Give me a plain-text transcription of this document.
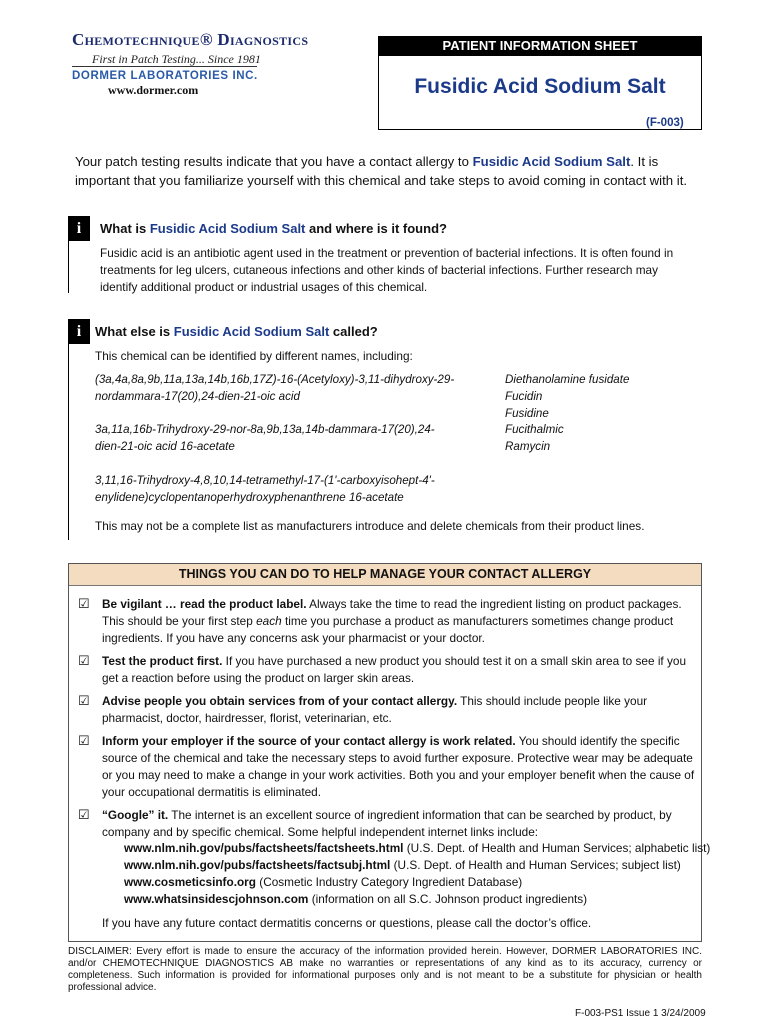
Chemotechnique® Diagnostics
First in Patch Testing... Since 1981
DORMER LABORATORIES INC.
www.dormer.com
PATIENT INFORMATION SHEET
Fusidic Acid Sodium Salt
(F-003)
Your patch testing results indicate that you have a contact allergy to Fusidic Acid Sodium Salt. It is important that you familiarize yourself with this chemical and take steps to avoid coming in contact with it.
i	What is Fusidic Acid Sodium Salt and where is it found?
Fusidic acid is an antibiotic agent used in the treatment or prevention of bacterial infections. It is often found in treatments for leg ulcers, cutaneous infections and other kinds of bacterial infections. Further research may identify additional product or industrial usages of this chemical.
i	What else is Fusidic Acid Sodium Salt called?
This chemical can be identified by different names, including:
(3a,4a,8a,9b,11a,13a,14b,16b,17Z)-16-(Acetyloxy)-3,11-dihydroxy-29-nordammara-17(20),24-dien-21-oic acid
3a,11a,16b-Trihydroxy-29-nor-8a,9b,13a,14b-dammara-17(20),24-dien-21-oic acid 16-acetate
3,11,16-Trihydroxy-4,8,10,14-tetramethyl-17-(1'-carboxyisohept-4'-enylidene)cyclopentanoperhydroxyphenanthrene 16-acetate
Diethanolamine fusidate
Fucidin
Fusidine
Fucithalmic
Ramycin
This may not be a complete list as manufacturers introduce and delete chemicals from their product lines.
THINGS YOU CAN DO TO HELP MANAGE YOUR CONTACT ALLERGY
☑ Be vigilant … read the product label. Always take the time to read the ingredient listing on product packages. This should be your first step each time you purchase a product as manufacturers sometimes change product ingredients. If you have any concerns ask your pharmacist or your doctor.
☑ Test the product first. If you have purchased a new product you should test it on a small skin area to see if you get a reaction before using the product on larger skin areas.
☑ Advise people you obtain services from of your contact allergy. This should include people like your pharmacist, doctor, hairdresser, florist, veterinarian, etc.
☑ Inform your employer if the source of your contact allergy is work related. You should identify the specific source of the chemical and take the necessary steps to avoid further exposure. Protective wear may be adequate or you may need to make a change in your work activities. Both you and your employer benefit when the cause of your occupational dermatitis is eliminated.
☑ “Google” it. The internet is an excellent source of ingredient information that can be searched by product, by company and by specific chemical. Some helpful independent internet links include:
www.nlm.nih.gov/pubs/factsheets/factsheets.html (U.S. Dept. of Health and Human Services; alphabetic list)
www.nlm.nih.gov/pubs/factsheets/factsubj.html (U.S. Dept. of Health and Human Services; subject list)
www.cosmeticsinfo.org (Cosmetic Industry Category Ingredient Database)
www.whatsinsidescjohnson.com (information on all S.C. Johnson product ingredients)
If you have any future contact dermatitis concerns or questions, please call the doctor’s office.
DISCLAIMER: Every effort is made to ensure the accuracy of the information provided herein. However, DORMER LABORATORIES INC. and/or CHEMOTECHNIQUE DIAGNOSTICS AB make no warranties or representations of any kind as to its accuracy, currency or completeness. Such information is provided for informational purposes only and is not meant to be a substitute for physician or health professional advice.
F-003-PS1 Issue 1 3/24/2009
